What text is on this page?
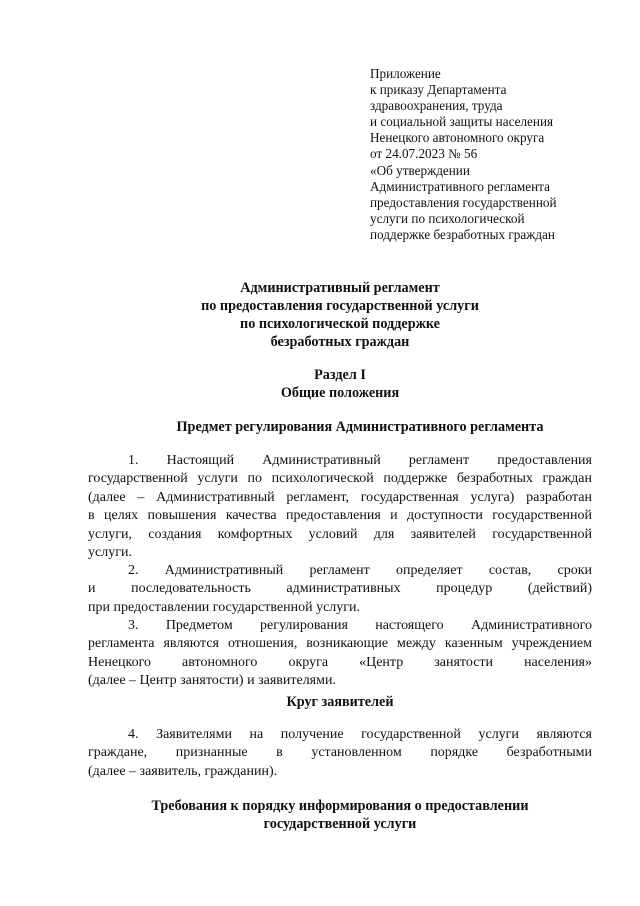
Приложение
к приказу Департамента
здравоохранения, труда
и социальной защиты населения
Ненецкого автономного округа
от 24.07.2023 № 56
«Об утверждении
Административного регламента
предоставления государственной
услуги по психологической
поддержке безработных граждан
Административный регламент
по предоставления государственной услуги
по психологической поддержке
безработных граждан
Раздел I
Общие положения
Предмет регулирования Административного регламента
1. Настоящий Административный регламент предоставления
государственной услуги по психологической поддержке безработных граждан
(далее – Административный регламент, государственная услуга) разработан
в целях повышения качества предоставления и доступности государственной
услуги, создания комфортных условий для заявителей государственной
услуги.
2. Административный регламент определяет состав, сроки
и последовательность административных процедур (действий)
при предоставлении государственной услуги.
3. Предметом регулирования настоящего Административного
регламента являются отношения, возникающие между казенным учреждением
Ненецкого автономного округа «Центр занятости населения»
(далее – Центр занятости) и заявителями.
Круг заявителей
4. Заявителями на получение государственной услуги являются
граждане, признанные в установленном порядке безработными
(далее – заявитель, гражданин).
Требования к порядку информирования о предоставлении
государственной услуги
